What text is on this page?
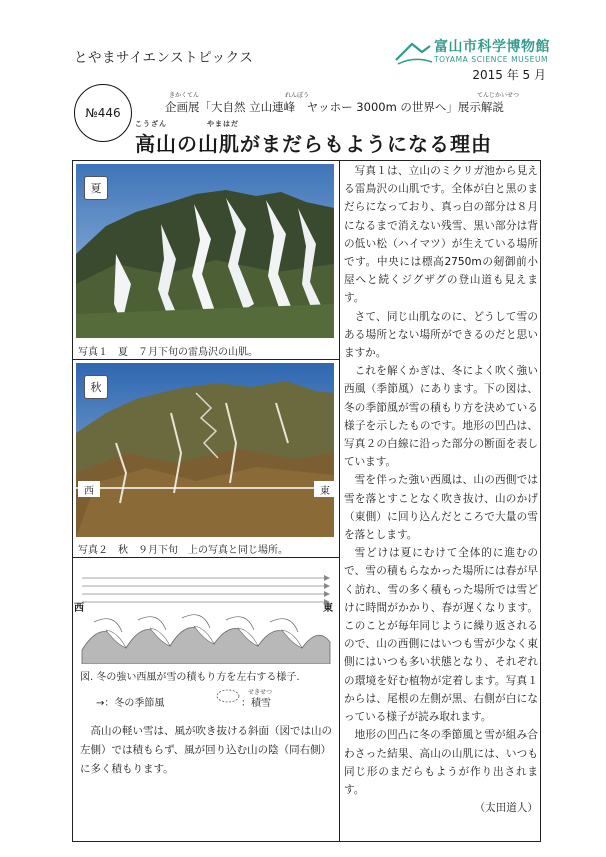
とやまサイエンストピックス
富山市科学博物館
TOYAMA SCIENCE MUSEUM
2015 年 5 月
№446
きかくてん	れんぽう	てんじかいせつ
企画展「大自然 立山連峰　ヤッホー 3000m の世界へ」展示解説
こうざん	やまはだ
高山の山肌がまだらもようになる理由
夏
写真１　夏　７月下旬の雷鳥沢の山肌。
秋
西	東
写真２　秋　９月下旬　上の写真と同じ場所。
西	東
図. 冬の強い西風が雪の積もり方を左右する様子.
→：冬の季節風
せきせつ
：積雪
高山の軽い雪は、風が吹き抜ける斜面（図では山の左側）では積もらず、風が回り込む山の陰（同右側）に多く積もります。

写真１は、立山のミクリガ池から見える雷鳥沢の山肌です。全体が白と黒のまだらになっており、真っ白の部分は８月になるまで消えない残雪、黒い部分は背の低い松（ハイマツ）が生えている場所です。中央には標高2750mの剱御前小屋へと続くジグザグの登山道も見えます。

さて、同じ山肌なのに、どうして雪のある場所とない場所ができるのだと思いますか。

これを解くかぎは、冬によく吹く強い西風（季節風）にあります。下の図は、冬の季節風が雪の積もり方を決めている様子を示したものです。地形の凹凸は、写真２の白線に沿った部分の断面を表しています。

雪を伴った強い西風は、山の西側では雪を落とすことなく吹き抜け、山のかげ（東側）に回り込んだところで大量の雪を落とします。

雪どけは夏にむけて全体的に進むので、雪の積もらなかった場所には春が早く訪れ、雪の多く積もった場所では雪どけに時間がかかり、春が遅くなります。このことが毎年同じように繰り返されるので、山の西側にはいつも雪が少なく東側にはいつも多い状態となり、それぞれの環境を好む植物が定着します。写真１からは、尾根の左側が黒、右側が白になっている様子が読み取れます。

地形の凹凸に冬の季節風と雪が組み合わさった結果、高山の山肌には、いつも同じ形のまだらもようが作り出されます。

（太田道人）
